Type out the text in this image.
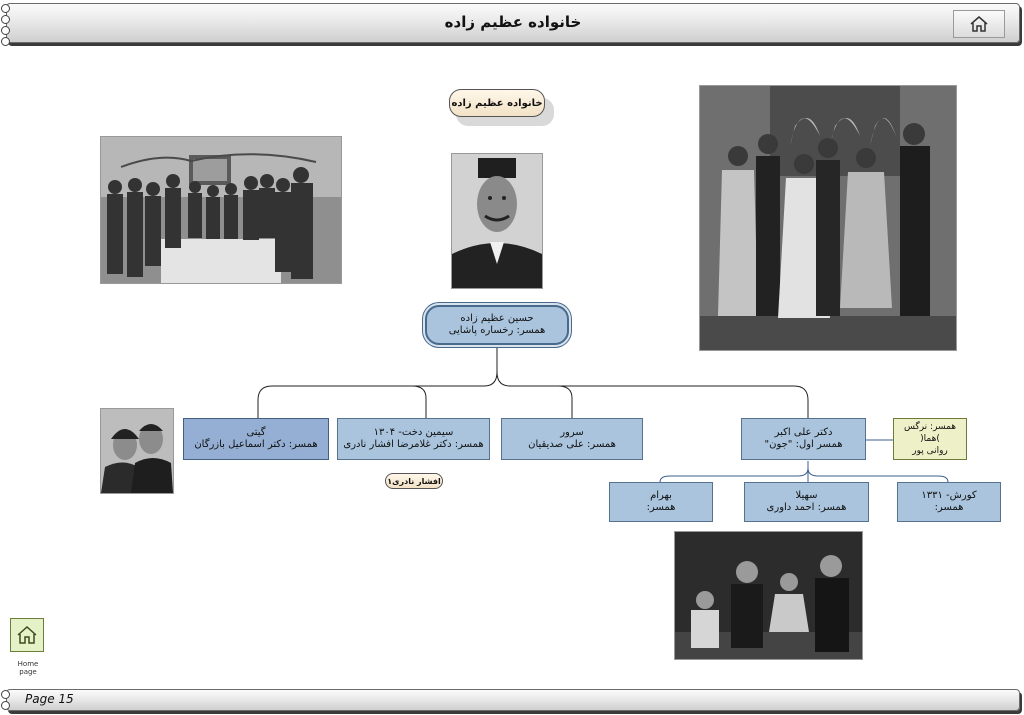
خانواده عظیم زاده
خانواده عظیم زاده
حسین عظیم زاده
همسر: رخساره پاشایی
گیتی
همسر: دکتر اسماعیل بازرگان
سیمین دخت- ۱۳۰۴
همسر: دکتر غلامرضا افشار نادری
سرور
همسر: علی صدیقیان
دکتر علی اکبر
همسر اول: "جون"
همسر: نرگس )هما(
روانی پور
افشار نادری۱
بهرام
همسر:
سهیلا
همسر: احمد داوری
کورش- ۱۳۳۱
همسر:
Home page
Page 15
